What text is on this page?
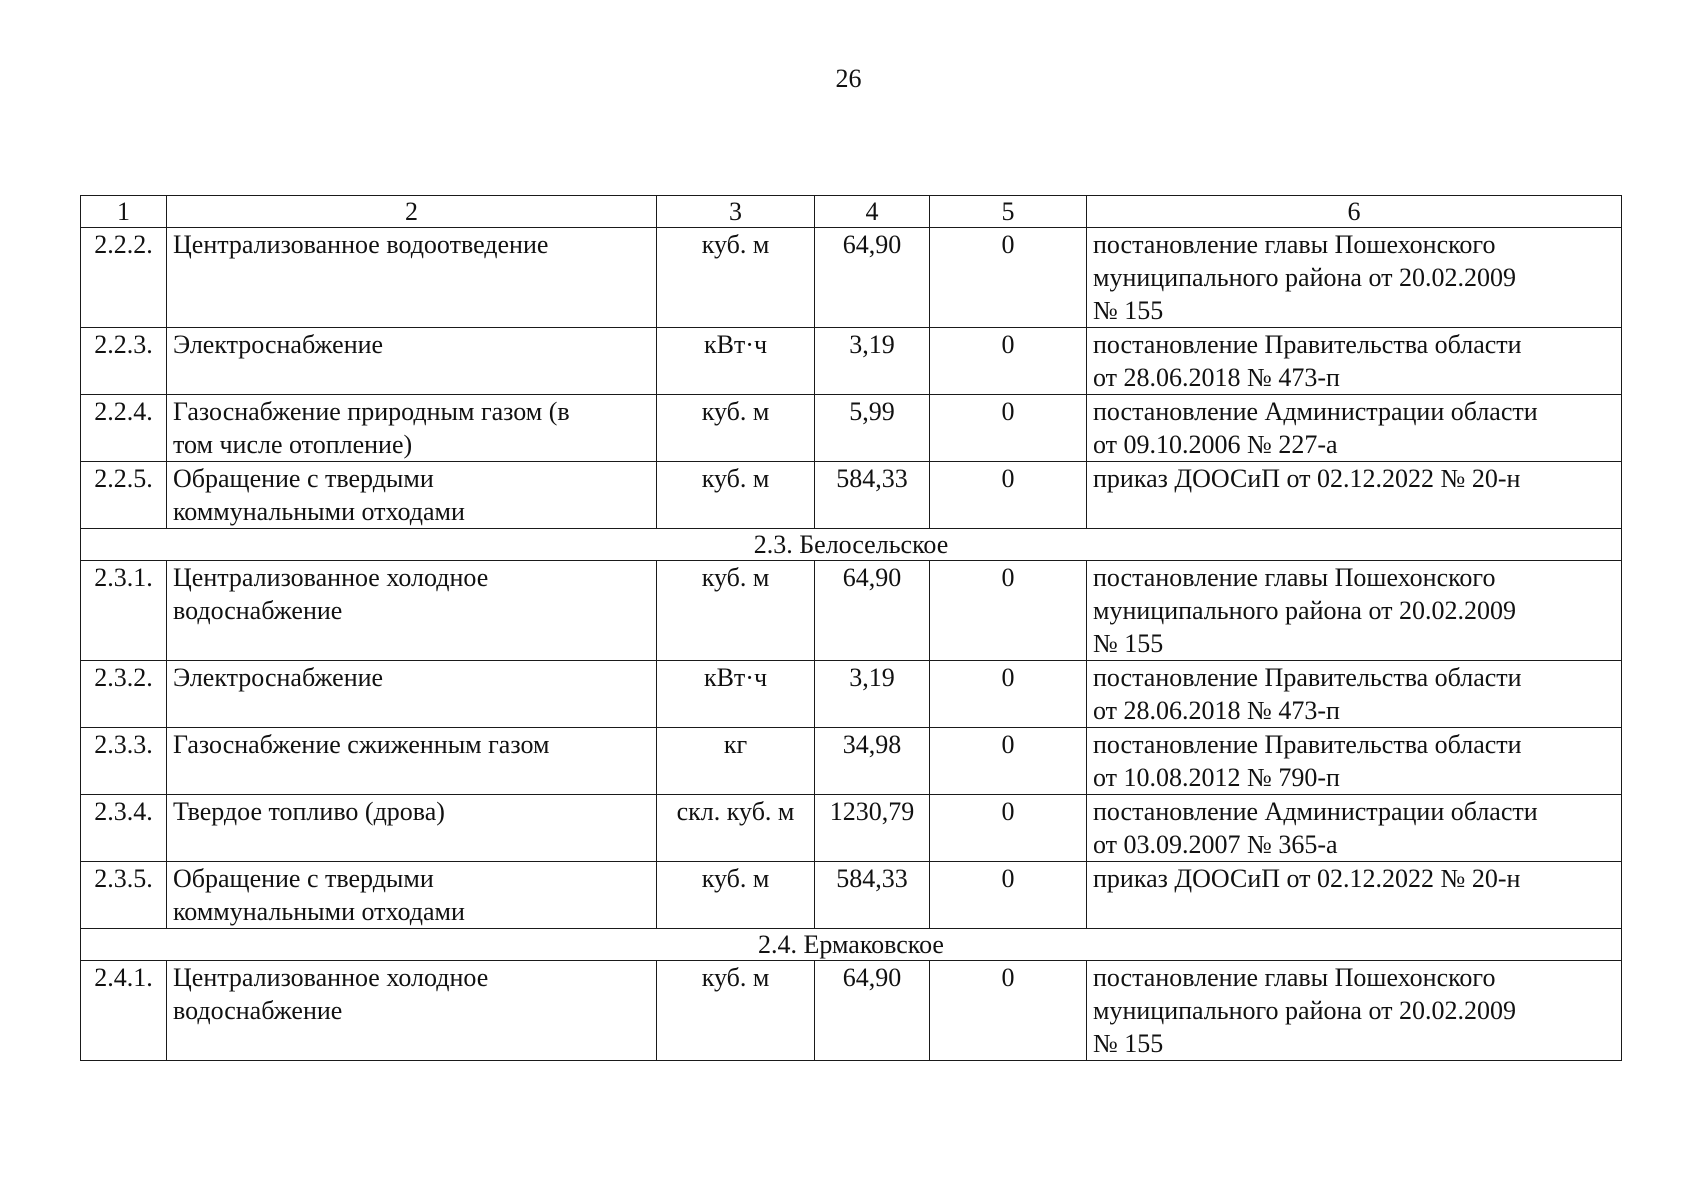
26
1	2	3	4	5	6
2.2.2.	Централизованное водоотведение	куб. м	64,90	0	постановление главы Пошехонского
муниципального района от 20.02.2009
№ 155

2.2.3.	Электроснабжение	кВт·ч	3,19	0	постановление Правительства области
от 28.06.2018 № 473-п

2.2.4.	Газоснабжение природным газом (в
том числе отопление)	куб. м	5,99	0	постановление Администрации области
от 09.10.2006 № 227-а

2.2.5.	Обращение с твердыми
коммунальными отходами	куб. м	584,33	0	приказ ДООСиП от 02.12.2022 № 20-н

2.3. Белосельское					
2.3.1.	Централизованное холодное
водоснабжение	куб. м	64,90	0	постановление главы Пошехонского
муниципального района от 20.02.2009
№ 155

2.3.2.	Электроснабжение	кВт·ч	3,19	0	постановление Правительства области
от 28.06.2018 № 473-п

2.3.3.	Газоснабжение сжиженным газом	кг	34,98	0	постановление Правительства области
от 10.08.2012 № 790-п

2.3.4.	Твердое топливо (дрова)	скл. куб. м	1230,79	0	постановление Администрации области
от 03.09.2007 № 365-а

2.3.5.	Обращение с твердыми
коммунальными отходами	куб. м	584,33	0	приказ ДООСиП от 02.12.2022 № 20-н

2.4. Ермаковское					
2.4.1.	Централизованное холодное
водоснабжение	куб. м	64,90	0	постановление главы Пошехонского
муниципального района от 20.02.2009
№ 155
